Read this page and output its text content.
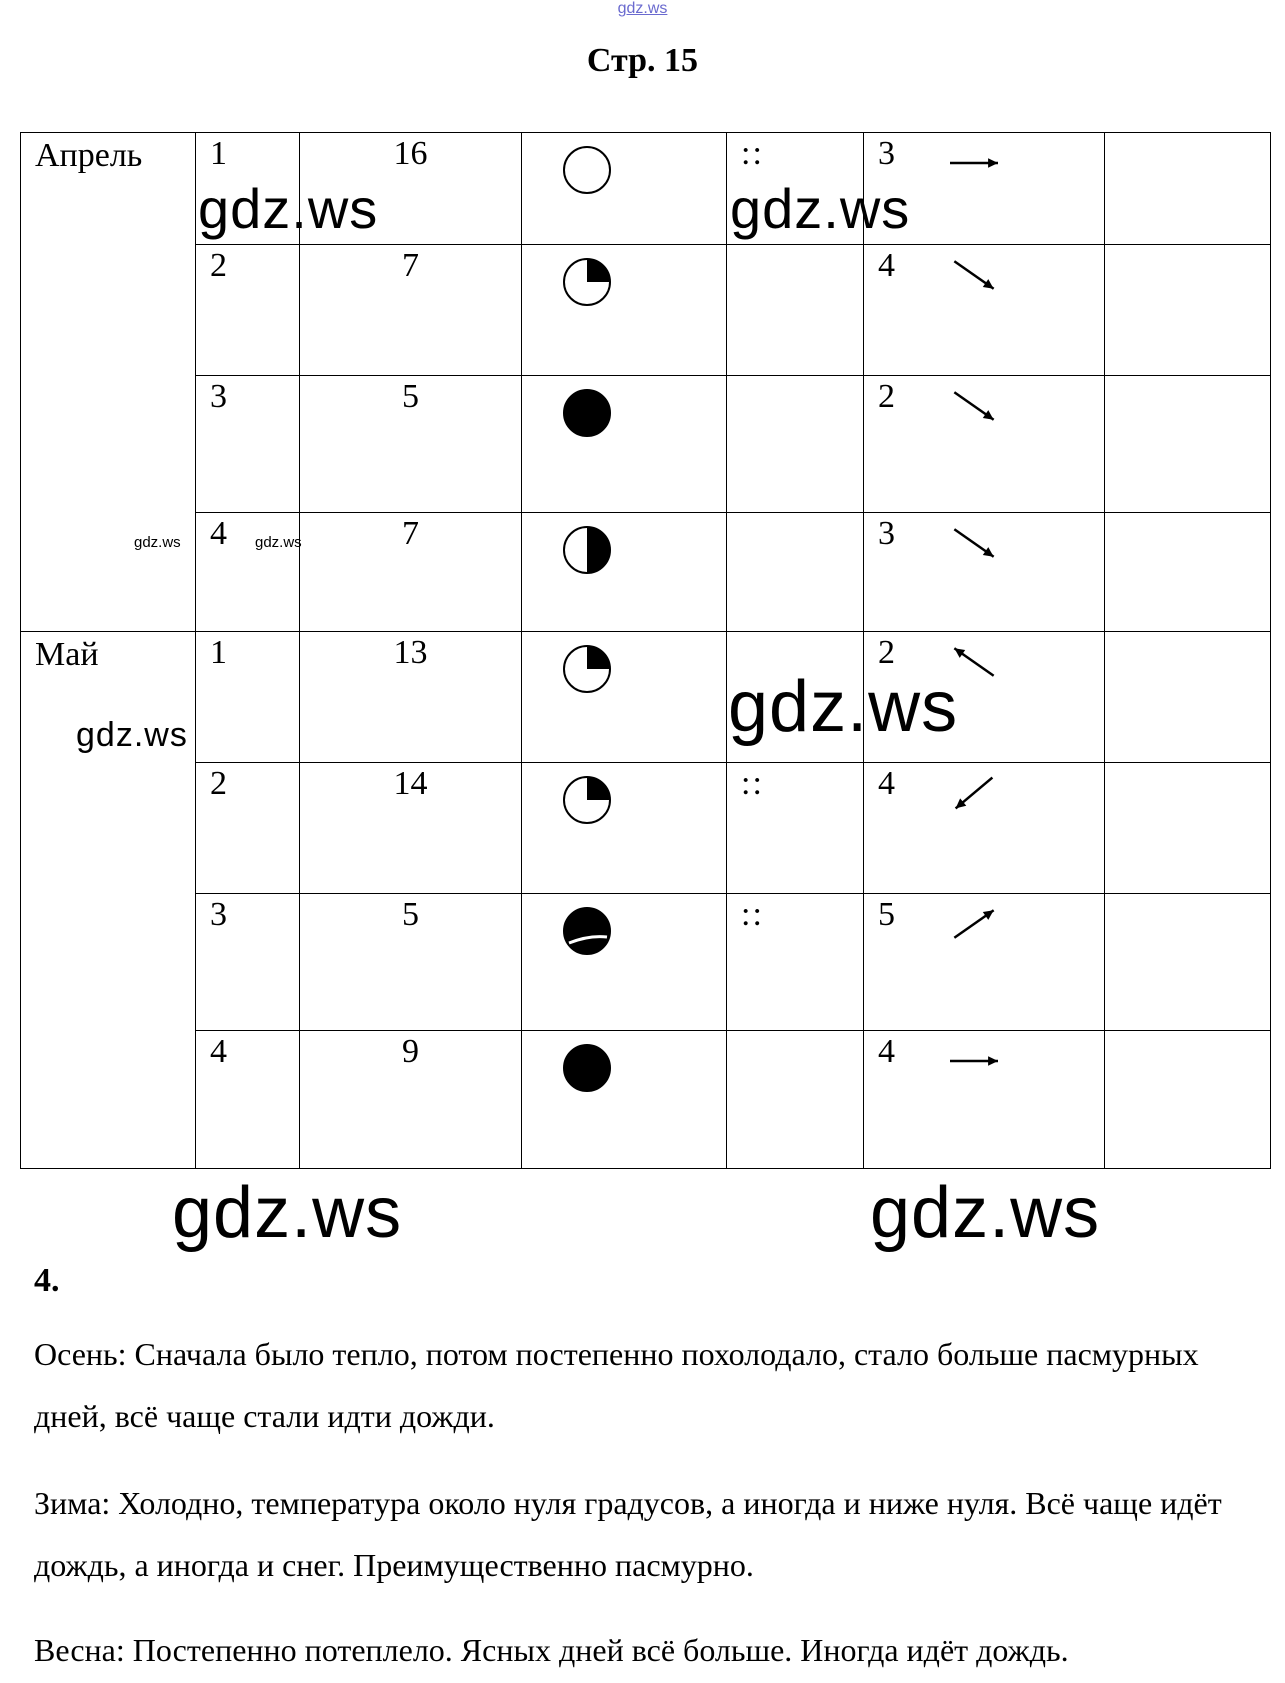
gdz.ws
Стр. 15
Апрель	1	16		::	3	

	2	7			4	

	3	5			2	

	4	7			3	

Май	1	13			2	

	2	14		::	4	

	3	5		::	5	

	4	9			4	

gdz.ws	gdz.ws
gdz.ws	gdz.ws
gdz.ws
gdz.ws
gdz.ws	gdz.ws
4.
Осень: Сначала было тепло, потом постепенно похолодало, стало больше пасмурных дней, всё чаще стали идти дожди.
Зима: Холодно, температура около нуля градусов, а иногда и ниже нуля. Всё чаще идёт дождь, а иногда и снег. Преимущественно пасмурно.
Весна: Постепенно потеплело. Ясных дней всё больше. Иногда идёт дождь.
